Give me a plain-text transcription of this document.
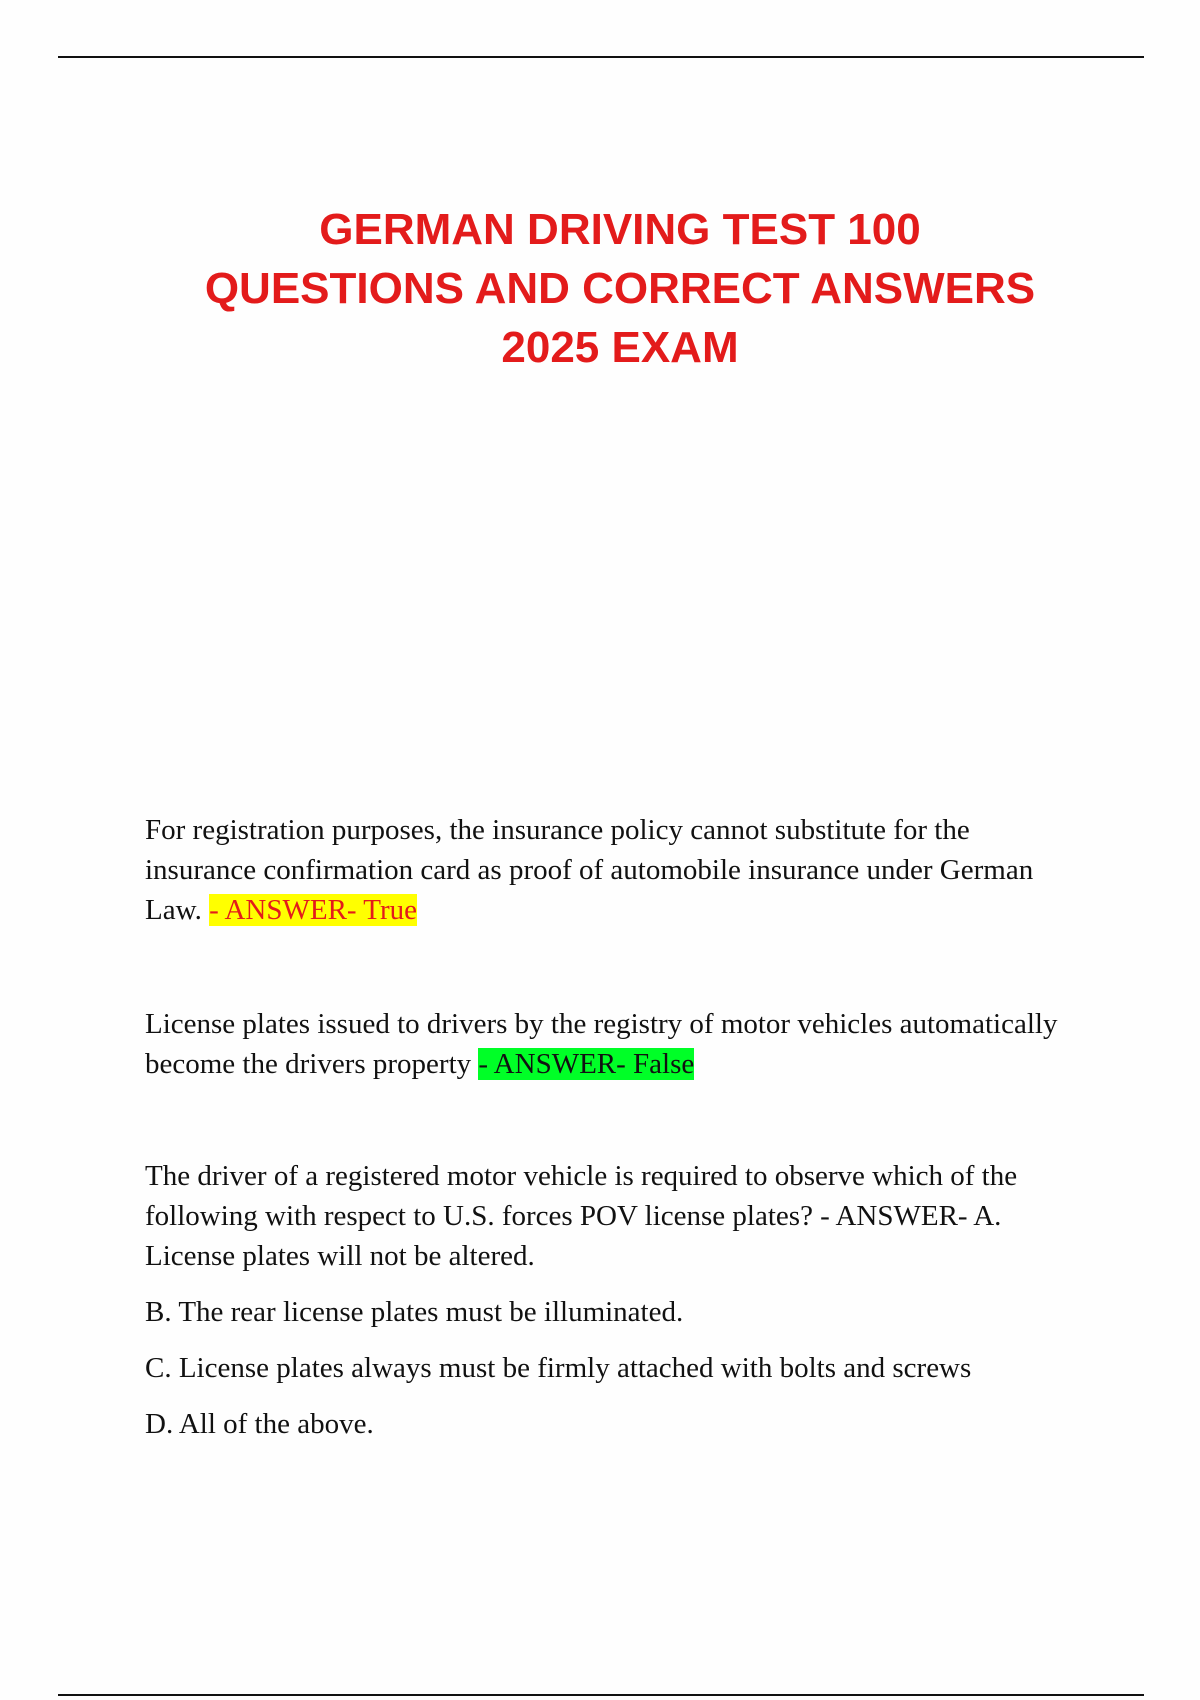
GERMAN DRIVING TEST 100
QUESTIONS AND CORRECT ANSWERS
2025 EXAM
For registration purposes, the insurance policy cannot substitute for the insurance confirmation card as proof of automobile insurance under German Law. - ANSWER- True
License plates issued to drivers by the registry of motor vehicles automatically become the drivers property - ANSWER- False
The driver of a registered motor vehicle is required to observe which of the following with respect to U.S. forces POV license plates? - ANSWER- A. License plates will not be altered.
B. The rear license plates must be illuminated.
C. License plates always must be firmly attached with bolts and screws
D. All of the above.
